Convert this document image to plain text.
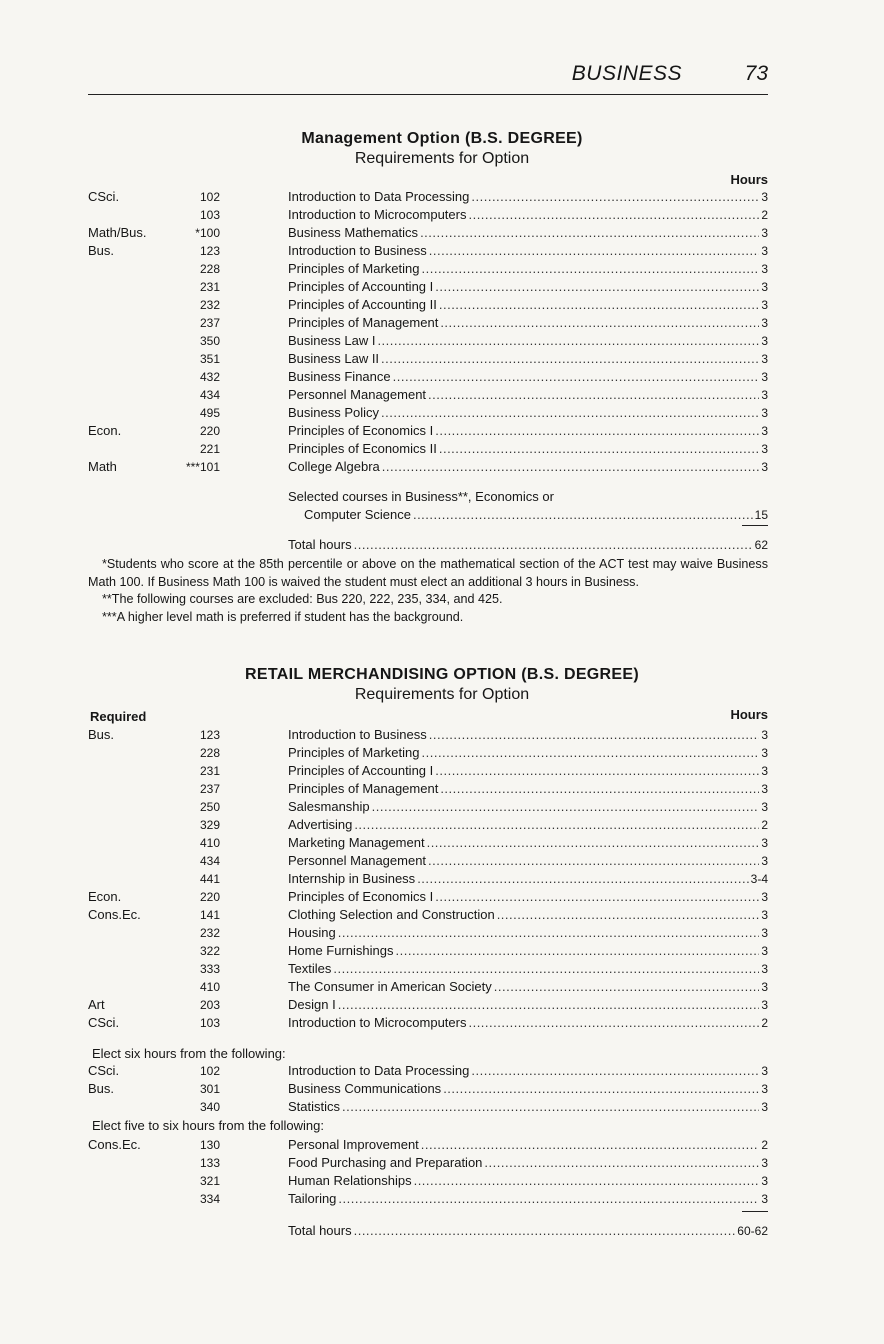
BUSINESS	73
Management Option (B.S. DEGREE)
Requirements for Option
Hours
CSci.	102	Introduction to Data Processing .....	3
103	Introduction to Microcomputers .....	2
Math/Bus.	*100	Business Mathematics .....	3
Bus.	123	Introduction to Business .....	3
228	Principles of Marketing .....	3
231	Principles of Accounting I .....	3
232	Principles of Accounting II .....	3
237	Principles of Management .....	3
350	Business Law I .....	3
351	Business Law II .....	3
432	Business Finance .....	3
434	Personnel Management .....	3
495	Business Policy .....	3
Econ.	220	Principles of Economics I .....	3
221	Principles of Economics II .....	3
Math	***101	College Algebra .....	3
Selected courses in Business**, Economics or
Computer Science .....	15
Total hours .....	62

*Students who score at the 85th percentile or above on the mathematical section of the ACT test may waive Business Math 100. If Business Math 100 is waived the student must elect an additional 3 hours in Business.

**The following courses are excluded: Bus 220, 222, 235, 334, and 425.

***A higher level math is preferred if student has the background.

RETAIL MERCHANDISING OPTION (B.S. DEGREE)
Requirements for Option
Required	Hours
Bus.	123	Introduction to Business .....	3
228	Principles of Marketing .....	3
231	Principles of Accounting I .....	3
237	Principles of Management .....	3
250	Salesmanship .....	3
329	Advertising .....	2
410	Marketing Management .....	3
434	Personnel Management .....	3
441	Internship in Business .....	3-4
Econ.	220	Principles of Economics I .....	3
Cons.Ec.	141	Clothing Selection and Construction .....	3
232	Housing .....	3
322	Home Furnishings .....	3
333	Textiles .....	3
410	The Consumer in American Society .....	3
Art	203	Design I .....	3
CSci.	103	Introduction to Microcomputers .....	2
Elect six hours from the following:
CSci.	102	Introduction to Data Processing .....	3
Bus.	301	Business Communications .....	3
340	Statistics .....	3
Elect five to six hours from the following:
Cons.Ec.	130	Personal Improvement .....	2
133	Food Purchasing and Preparation .....	3
321	Human Relationships .....	3
334	Tailoring .....	3
Total hours .....	60-62
